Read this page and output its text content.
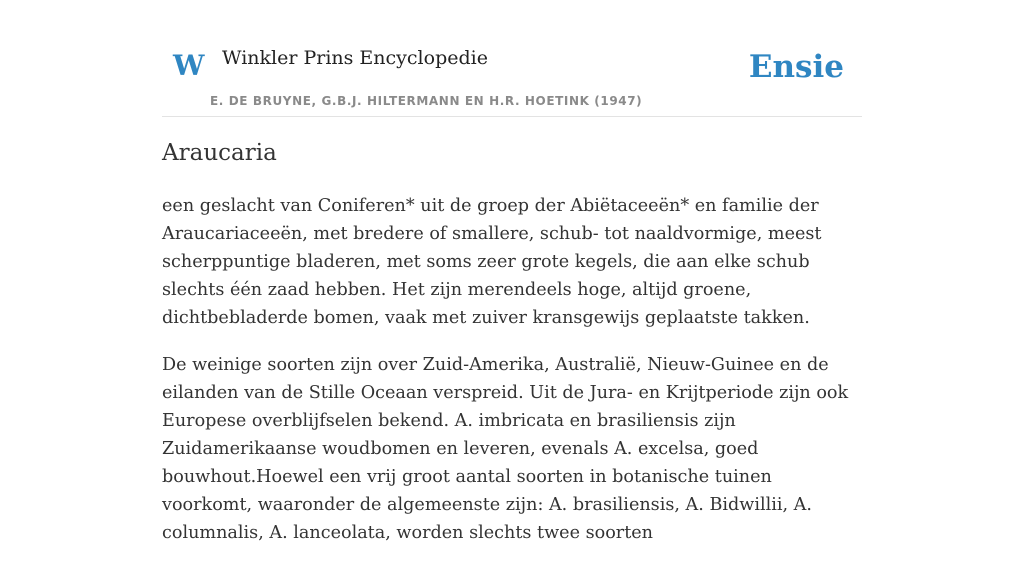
W Winkler Prins Encyclopedie
E. DE BRUYNE, G.B.J. HILTERMANN EN H.R. HOETINK (1947)
Ensie
Araucaria

een geslacht van Coniferen* uit de groep der Abiëtaceeën* en familie der Araucariaceeën, met bredere of smallere, schub- tot naaldvormige, meest scherppuntige bladeren, met soms zeer grote kegels, die aan elke schub slechts één zaad hebben. Het zijn merendeels hoge, altijd groene, dichtbebladerde bomen, vaak met zuiver kransgewijs geplaatste takken.

De weinige soorten zijn over Zuid-Amerika, Australië, Nieuw-Guinee en de eilanden van de Stille Oceaan verspreid. Uit de Jura- en Krijtperiode zijn ook Europese overblijfselen bekend. A. imbricata en brasiliensis zijn Zuidamerikaanse woudbomen en leveren, evenals A. excelsa, goed bouwhout.Hoewel een vrij groot aantal soorten in botanische tuinen voorkomt, waaronder de algemeenste zijn: A. brasiliensis, A. Bidwillii, A. columnalis, A. lanceolata, worden slechts twee soorten
